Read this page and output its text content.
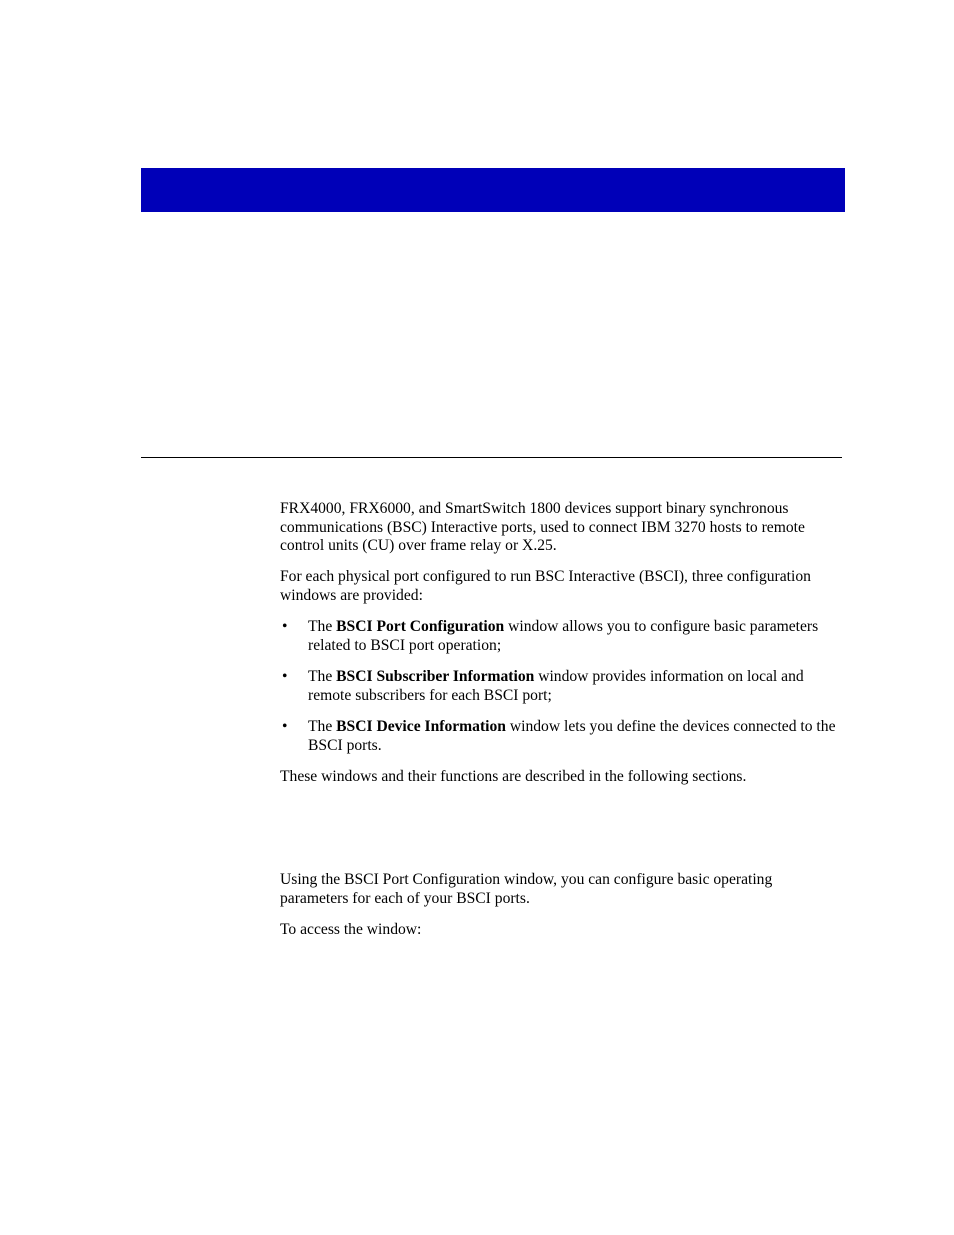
FRX4000, FRX6000, and SmartSwitch 1800 devices support binary synchronous communications (BSC) Interactive ports, used to connect IBM 3270 hosts to remote control units (CU) over frame relay or X.25.

For each physical port configured to run BSC Interactive (BSCI), three configuration windows are provided:

• The BSCI Port Configuration window allows you to configure basic parameters related to BSCI port operation;
• The BSCI Subscriber Information window provides information on local and remote subscribers for each BSCI port;
• The BSCI Device Information window lets you define the devices connected to the BSCI ports.

These windows and their functions are described in the following sections.

Using the BSCI Port Configuration window, you can configure basic operating parameters for each of your BSCI ports.

To access the window:
